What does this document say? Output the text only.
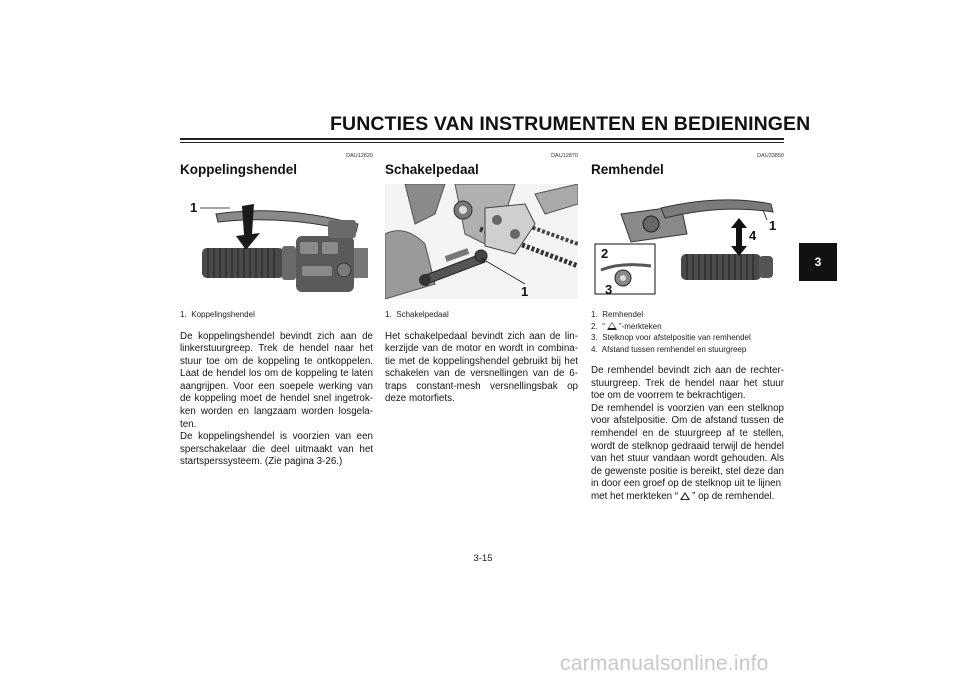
FUNCTIES VAN INSTRUMENTEN EN BEDIENINGEN
DAU12820
Koppelingshendel
1
1. Koppelingshendel

De koppelingshendel bevindt zich aan de linkerstuurgreep. Trek de hendel naar het stuur toe om de koppeling te ontkoppelen. Laat de hendel los om de koppeling te laten aangrijpen. Voor een soepele werking van de koppeling moet de hendel snel ingetrok-ken worden en langzaam worden losgela-ten.

De koppelingshendel is voorzien van een sperschakelaar die deel uitmaakt van het startsperssysteem. (Zie pagina 3-26.)

DAU12870
Schakelpedaal
1
1. Schakelpedaal

Het schakelpedaal bevindt zich aan de lin-kerzijde van de motor en wordt in combina-tie met de koppelingshendel gebruikt bij het schakelen van de versnellingen van de 6-traps constant-mesh versnellingsbak op deze motorfiets.

DAU33850
Remhendel
1
2
3
4
1. Remhendel
2. “ ”-merkteken
3. Stelknop voor afstelpositie van remhendel
4. Afstand tussen remhendel en stuurgreep

De remhendel bevindt zich aan de rechter-stuurgreep. Trek de hendel naar het stuur toe om de voorrem te bekrachtigen.

De remhendel is voorzien van een stelknop voor afstelpositie. Om de afstand tussen de remhendel en de stuurgreep af te stellen, wordt de stelknop gedraaid terwijl de hendel van het stuur vandaan wordt gehouden. Als de gewenste positie is bereikt, stel deze dan in door een groef op de stelknop uit te lijnen

met het merkteken “ ” op de remhendel.

3-15
3
carmanualsonline.info
